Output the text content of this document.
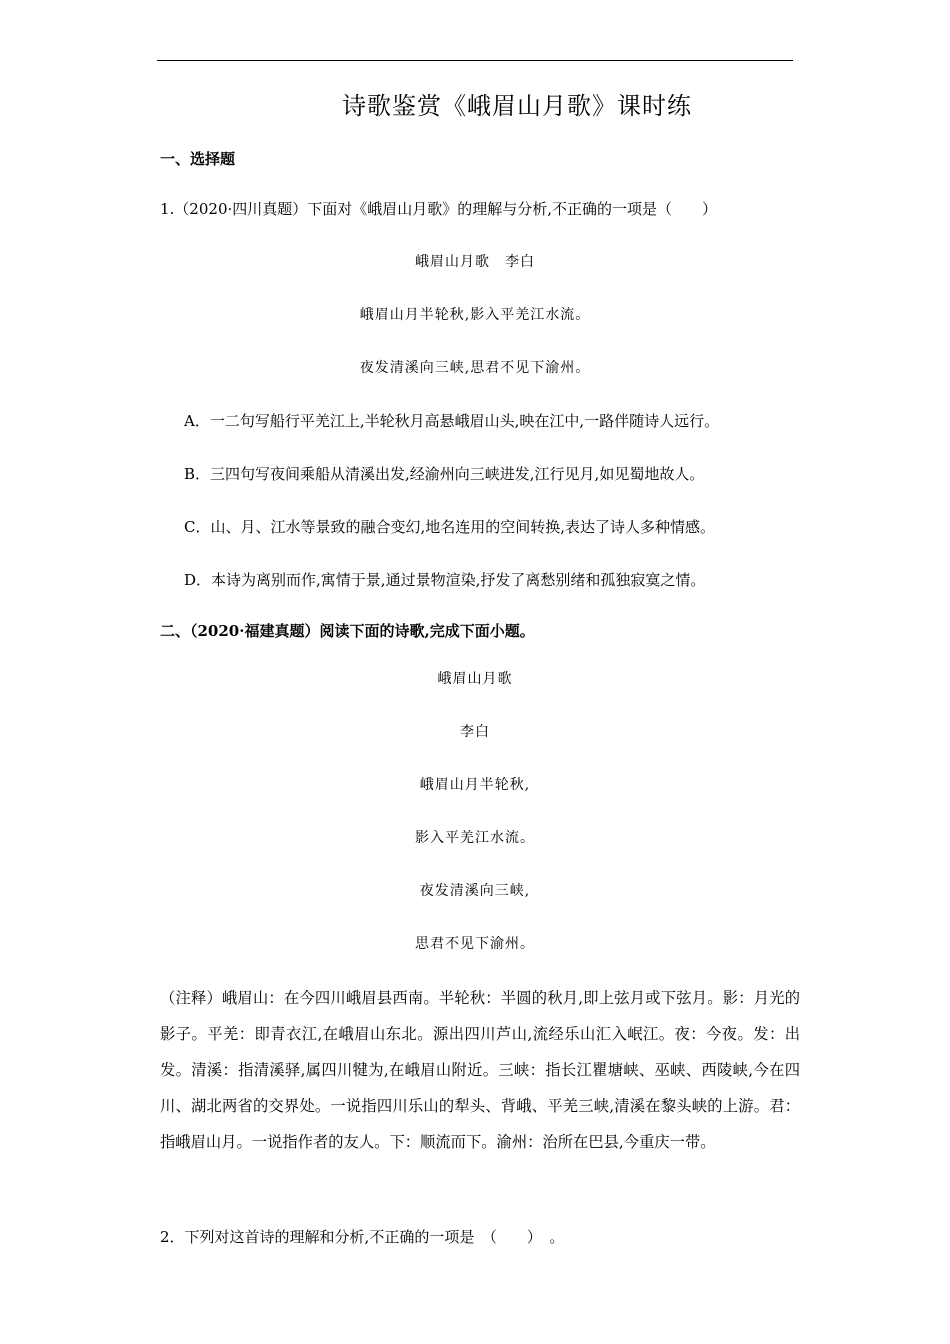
诗歌鉴赏《峨眉山月歌》课时练
一、选择题
1.（2020·四川真题）下面对《峨眉山月歌》的理解与分析,不正确的一项是（　　）
峨眉山月歌　李白
峨眉山月半轮秋,影入平羌江水流。
夜发清溪向三峡,思君不见下渝州。
A．一二句写船行平羌江上,半轮秋月高悬峨眉山头,映在江中,一路伴随诗人远行。
B．三四句写夜间乘船从清溪出发,经渝州向三峡进发,江行见月,如见蜀地故人。
C．山、月、江水等景致的融合变幻,地名连用的空间转换,表达了诗人多种情感。
D．本诗为离别而作,寓情于景,通过景物渲染,抒发了离愁别绪和孤独寂寞之情。
二、（2020·福建真题）阅读下面的诗歌,完成下面小题。
峨眉山月歌
李白
峨眉山月半轮秋,
影入平羌江水流。
夜发清溪向三峡,
思君不见下渝州。
（注释）峨眉山：在今四川峨眉县西南。半轮秋：半圆的秋月,即上弦月或下弦月。影：月光的影子。平羌：即青衣江,在峨眉山东北。源出四川芦山,流经乐山汇入岷江。夜：今夜。发：出发。清溪：指清溪驿,属四川犍为,在峨眉山附近。三峡：指长江瞿塘峡、巫峡、西陵峡,今在四川、湖北两省的交界处。一说指四川乐山的犁头、背峨、平羌三峡,清溪在黎头峡的上游。君：指峨眉山月。一说指作者的友人。下：顺流而下。渝州：治所在巴县,今重庆一带。
2．下列对这首诗的理解和分析,不正确的一项是　（　　）　。
